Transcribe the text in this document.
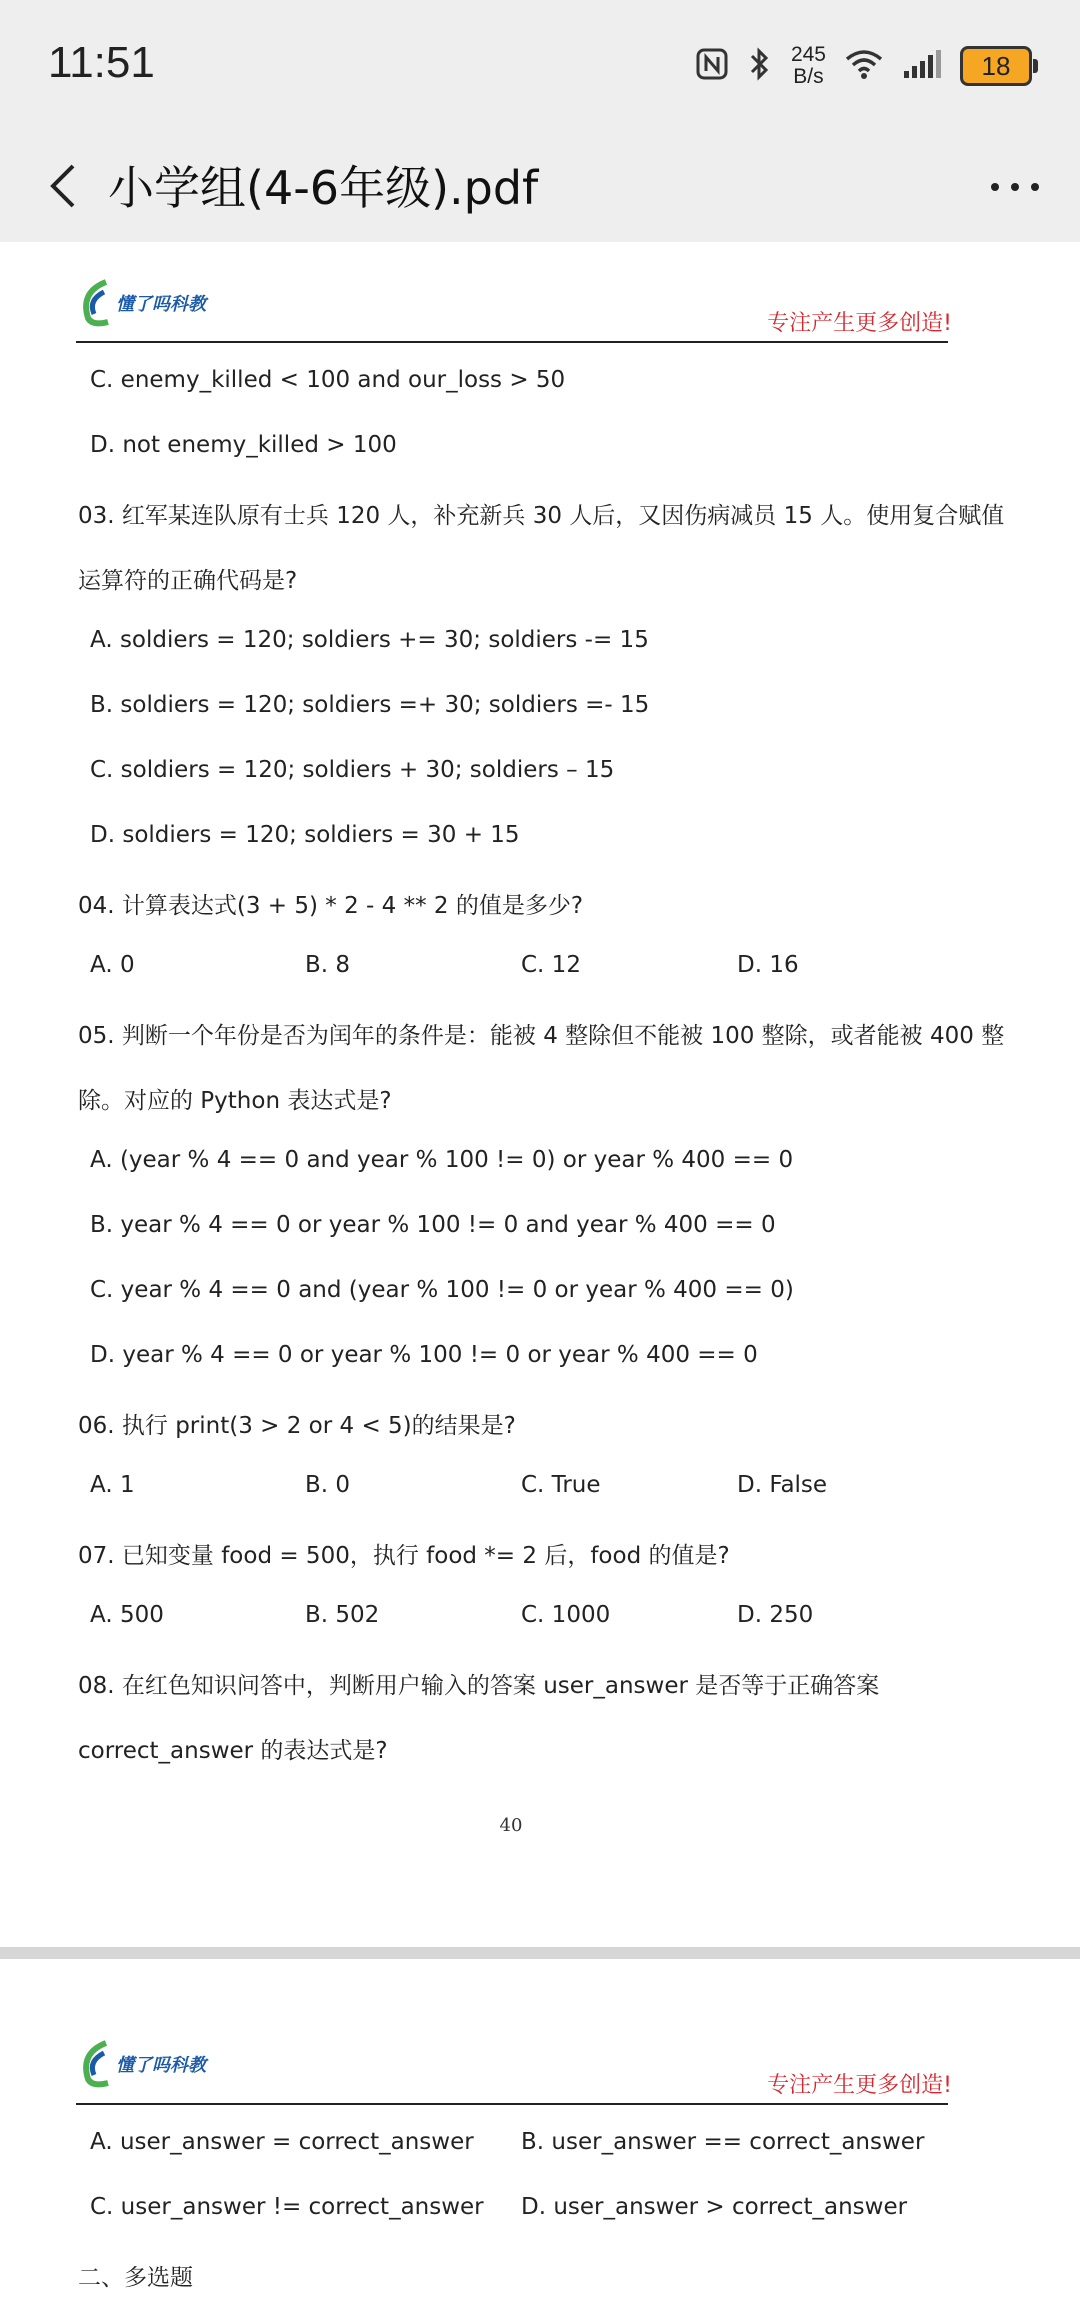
11:51	245
B/s	18
小学组(4-6年级).pdf
懂了吗科教
专注产生更多创造!
C. enemy_killed < 100 and our_loss > 50
D. not enemy_killed > 100
03. 红军某连队原有士兵 120 人，补充新兵 30 人后，又因伤病减员 15 人。使用复合赋值
运算符的正确代码是?
A. soldiers = 120; soldiers += 30; soldiers -= 15
B. soldiers = 120; soldiers =+ 30; soldiers =- 15
C. soldiers = 120; soldiers + 30; soldiers – 15
D. soldiers = 120; soldiers = 30 + 15
04. 计算表达式(3 + 5) * 2 - 4 ** 2 的值是多少?
A. 0	B. 8	C. 12	D. 16
05. 判断一个年份是否为闰年的条件是：能被 4 整除但不能被 100 整除，或者能被 400 整
除。对应的 Python 表达式是?
A. (year % 4 == 0 and year % 100 != 0) or year % 400 == 0
B. year % 4 == 0 or year % 100 != 0 and year % 400 == 0
C. year % 4 == 0 and (year % 100 != 0 or year % 400 == 0)
D. year % 4 == 0 or year % 100 != 0 or year % 400 == 0
06. 执行 print(3 > 2 or 4 < 5)的结果是?
A. 1	B. 0	C. True	D. False
07. 已知变量 food = 500，执行 food *= 2 后，food 的值是?
A. 500	B. 502	C. 1000	D. 250
08. 在红色知识问答中，判断用户输入的答案 user_answer 是否等于正确答案
correct_answer 的表达式是?
40
懂了吗科教
专注产生更多创造!
A. user_answer = correct_answer B. user_answer == correct_answer
C. user_answer != correct_answer D. user_answer > correct_answer
二、多选题
